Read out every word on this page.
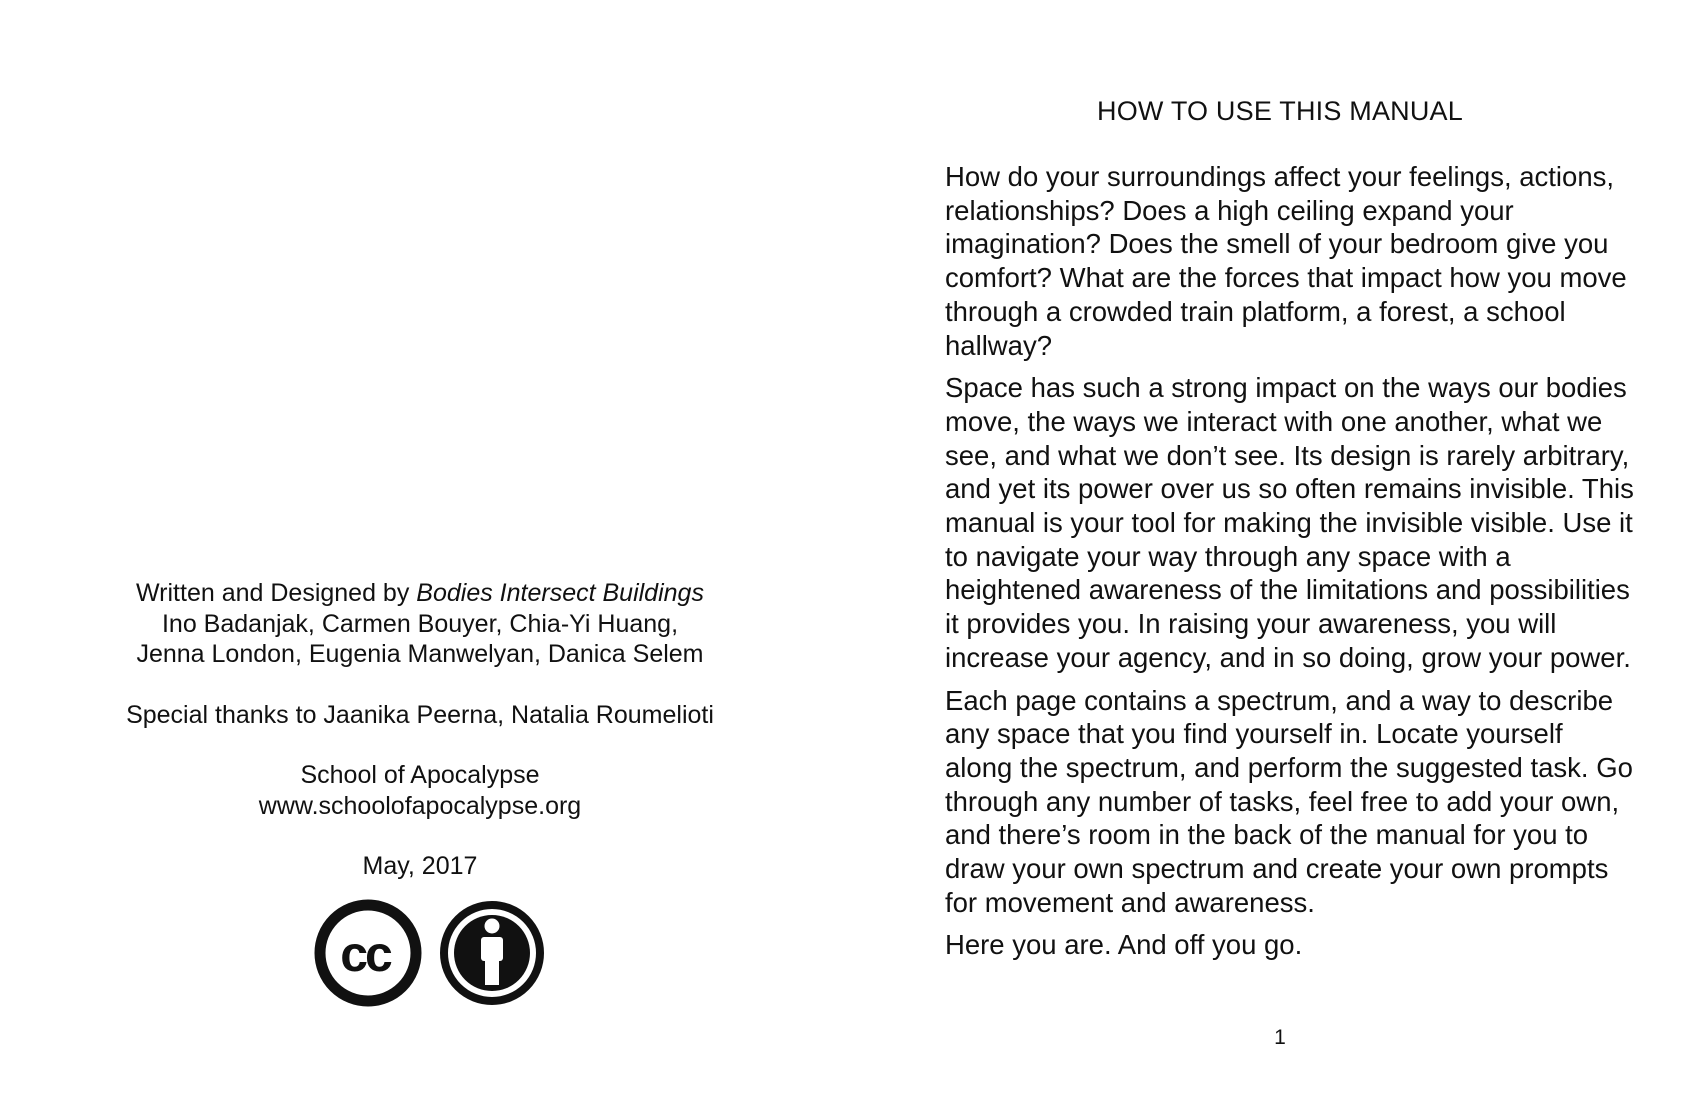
Written and Designed by Bodies Intersect Buildings
Ino Badanjak, Carmen Bouyer, Chia-Yi Huang,
Jenna London, Eugenia Manwelyan, Danica Selem
Special thanks to Jaanika Peerna, Natalia Roumelioti
School of Apocalypse
www.schoolofapocalypse.org
May, 2017
cc
HOW TO USE THIS MANUAL

How do your surroundings affect your feelings, actions, relationships? Does a high ceiling expand your imagination? Does the smell of your bedroom give you comfort? What are the forces that impact how you move through a crowded train platform, a forest, a school hallway?

Space has such a strong impact on the ways our bodies move, the ways we interact with one another, what we see, and what we don’t see. Its design is rarely arbitrary, and yet its power over us so often remains invisible. This manual is your tool for making the invisible visible. Use it to navigate your way through any space with a heightened awareness of the limitations and possibilities it provides you. In raising your awareness, you will increase your agency, and in so doing, grow your power.

Each page contains a spectrum, and a way to describe any space that you find yourself in. Locate yourself along the spectrum, and perform the suggested task. Go through any number of tasks, feel free to add your own, and there’s room in the back of the manual for you to draw your own spectrum and create your own prompts for movement and awareness.

Here you are. And off you go.

1
